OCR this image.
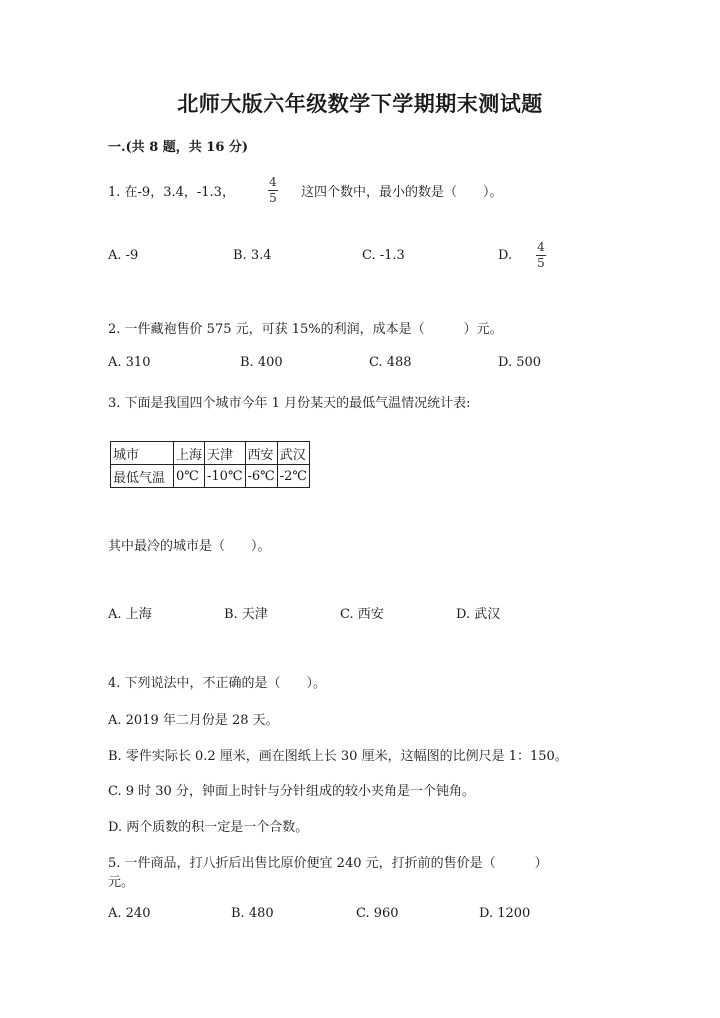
北师大版六年级数学下学期期末测试题
一.(共 8 题，共 16 分)
1. 在-9，3.4，-1.3，
4
5 这四个数中，最小的数是（　　）。
A. -9	B. 3.4	C. -1.3	D.
4
5
2. 一件藏袍售价 575 元，可获 15%的利润，成本是（　　　）元。
A. 310	B. 400	C. 488	D. 500
3. 下面是我国四个城市今年 1 月份某天的最低气温情况统计表:
城市	上海	天津	西安	武汉
最低气温	0℃	-10℃	-6℃	-2℃
其中最冷的城市是（　　）。
A. 上海	B. 天津	C. 西安	D. 武汉
4. 下列说法中，不正确的是（　　）。
A. 2019 年二月份是 28 天。
B. 零件实际长 0.2 厘米，画在图纸上长 30 厘米，这幅图的比例尺是 1：150。
C. 9 时 30 分，钟面上时针与分针组成的较小夹角是一个钝角。
D. 两个质数的积一定是一个合数。
5. 一件商品，打八折后出售比原价便宜 240 元，打折前的售价是（　　　）
元。
A. 240	B. 480	C. 960	D. 1200
